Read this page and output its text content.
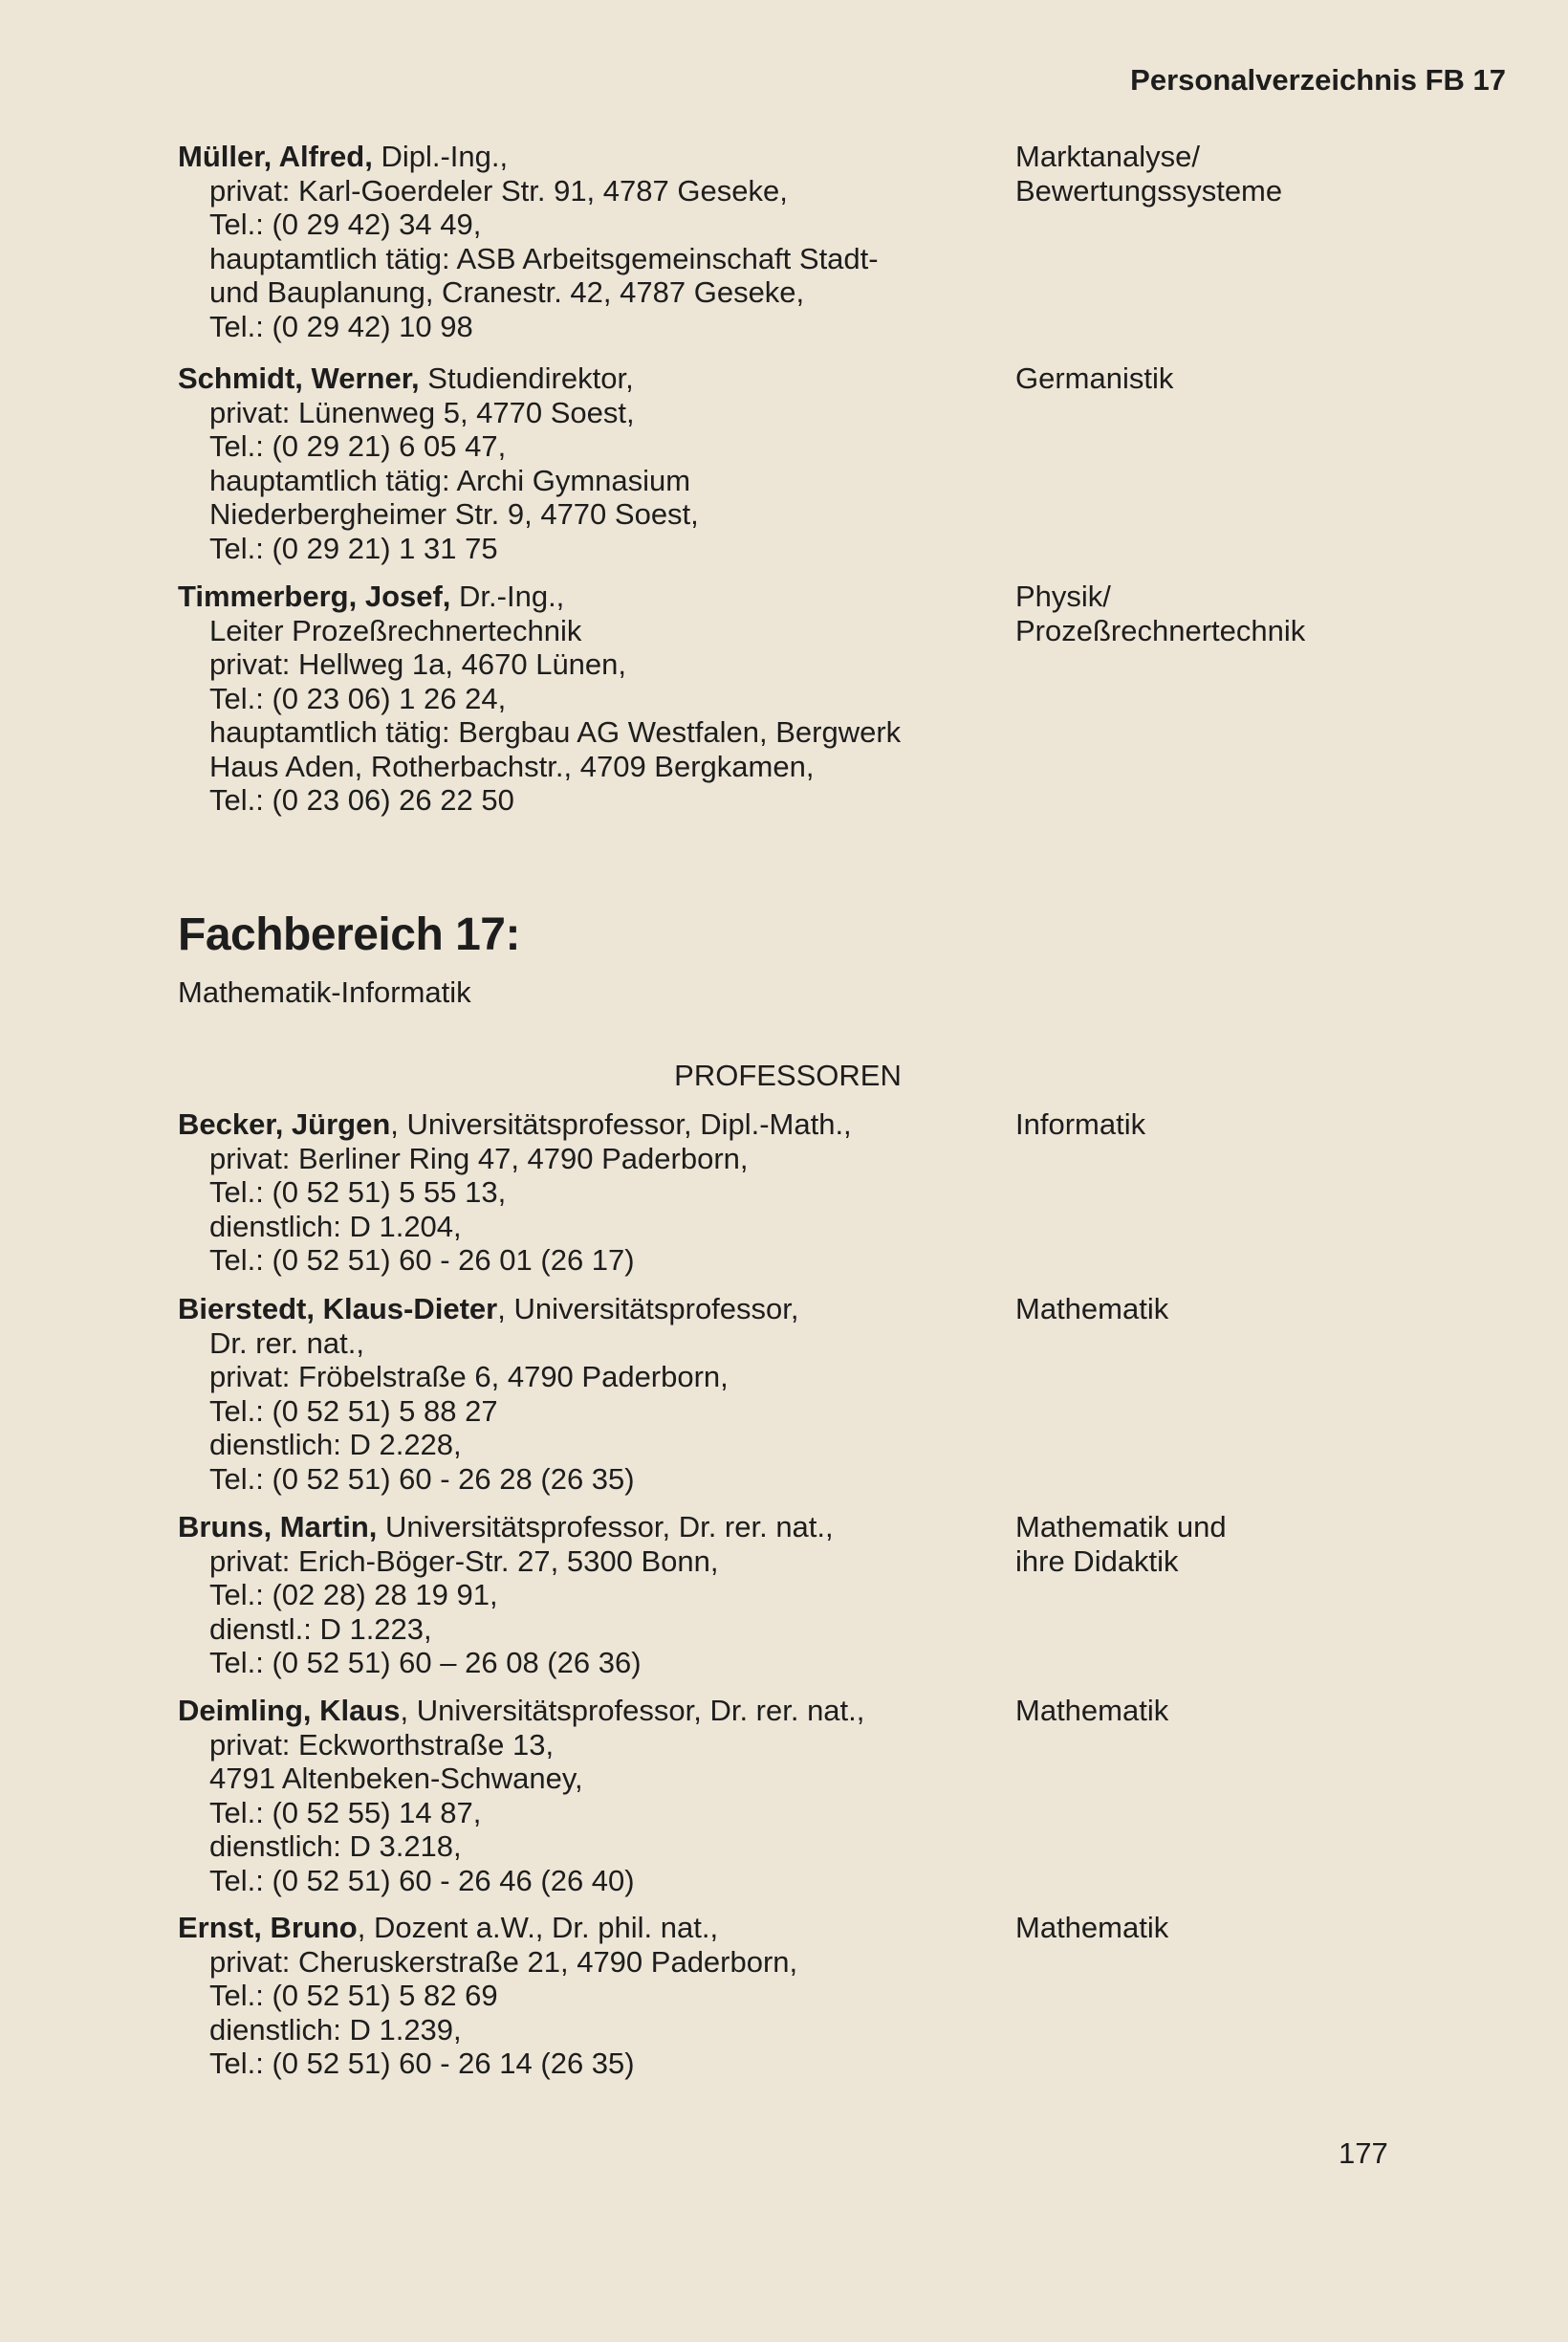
Personalverzeichnis FB 17
Müller, Alfred, Dipl.-Ing.,
privat: Karl-Goerdeler Str. 91, 4787 Geseke,
Tel.: (0 29 42) 34 49,
hauptamtlich tätig: ASB Arbeitsgemeinschaft Stadt-
und Bauplanung, Cranestr. 42, 4787 Geseke,
Tel.: (0 29 42) 10 98
Marktanalyse/
Bewertungssysteme
Schmidt, Werner, Studiendirektor,
privat: Lünenweg 5, 4770 Soest,
Tel.: (0 29 21) 6 05 47,
hauptamtlich tätig: Archi Gymnasium
Niederbergheimer Str. 9, 4770 Soest,
Tel.: (0 29 21) 1 31 75
Germanistik
Timmerberg, Josef, Dr.-Ing.,
Leiter Prozeßrechnertechnik
privat: Hellweg 1a, 4670 Lünen,
Tel.: (0 23 06) 1 26 24,
hauptamtlich tätig: Bergbau AG Westfalen, Bergwerk
Haus Aden, Rotherbachstr., 4709 Bergkamen,
Tel.: (0 23 06) 26 22 50
Physik/
Prozeßrechnertechnik
Fachbereich 17:
Mathematik-Informatik
PROFESSOREN
Becker, Jürgen, Universitätsprofessor, Dipl.-Math.,
privat: Berliner Ring 47, 4790 Paderborn,
Tel.: (0 52 51) 5 55 13,
dienstlich: D 1.204,
Tel.: (0 52 51) 60 - 26 01 (26 17)
Informatik
Bierstedt, Klaus-Dieter, Universitätsprofessor,
Dr. rer. nat.,
privat: Fröbelstraße 6, 4790 Paderborn,
Tel.: (0 52 51) 5 88 27
dienstlich: D 2.228,
Tel.: (0 52 51) 60 - 26 28 (26 35)
Mathematik
Bruns, Martin, Universitätsprofessor, Dr. rer. nat.,
privat: Erich-Böger-Str. 27, 5300 Bonn,
Tel.: (02 28) 28 19 91,
dienstl.: D 1.223,
Tel.: (0 52 51) 60 – 26 08 (26 36)
Mathematik und
ihre Didaktik
Deimling, Klaus, Universitätsprofessor, Dr. rer. nat.,
privat: Eckworthstraße 13,
4791 Altenbeken-Schwaney,
Tel.: (0 52 55) 14 87,
dienstlich: D 3.218,
Tel.: (0 52 51) 60 - 26 46 (26 40)
Mathematik
Ernst, Bruno, Dozent a.W., Dr. phil. nat.,
privat: Cheruskerstraße 21, 4790 Paderborn,
Tel.: (0 52 51) 5 82 69
dienstlich: D 1.239,
Tel.: (0 52 51) 60 - 26 14 (26 35)
Mathematik
177
